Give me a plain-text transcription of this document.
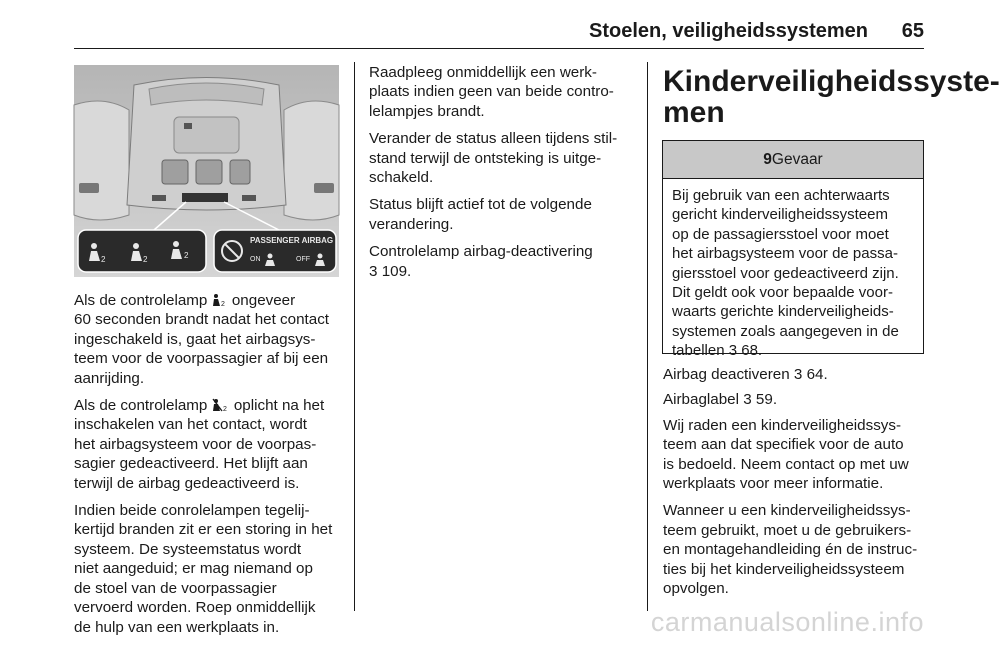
Stoelen, veiligheidssystemen 65
2	2	2
PASSENGER AIRBAG
ON	OFF

Als de controlelamp 2 ongeveer
60 seconden brandt nadat het contact
ingeschakeld is, gaat het airbagsys-
teem voor de voorpassagier af bij een
aanrijding.

Als de controlelamp 2 oplicht na het
inschakelen van het contact, wordt
het airbagsysteem voor de voorpas-
sagier gedeactiveerd. Het blijft aan
terwijl de airbag gedeactiveerd is.

Indien beide conrolelampen tegelij-
kertijd branden zit er een storing in het
systeem. De systeemstatus wordt
niet aangeduid; er mag niemand op
de stoel van de voorpassagier
vervoerd worden. Roep onmiddellijk
de hulp van een werkplaats in.

Raadpleeg onmiddellijk een werk-
plaats indien geen van beide contro-
lelampjes brandt.

Verander de status alleen tijdens stil-
stand terwijl de ontsteking is uitge-
schakeld.

Status blijft actief tot de volgende
verandering.

Controlelamp airbag-deactivering
3 109.

Kinderveiligheidssyste-
men
9 Gevaar
Bij gebruik van een achterwaarts
gericht kinderveiligheidssysteem
op de passagiersstoel voor moet
het airbagsysteem voor de passa-
giersstoel voor gedeactiveerd zijn.
Dit geldt ook voor bepaalde voor-
waarts gerichte kinderveiligheids-
systemen zoals aangegeven in de
tabellen 3 68.

Airbag deactiveren 3 64.

Airbaglabel 3 59.

Wij raden een kinderveiligheidssys-
teem aan dat specifiek voor de auto
is bedoeld. Neem contact op met uw
werkplaats voor meer informatie.

Wanneer u een kinderveiligheidssys-
teem gebruikt, moet u de gebruikers-
en montagehandleiding én de instruc-
ties bij het kinderveiligheidssysteem
opvolgen.

carmanualsonline.info
